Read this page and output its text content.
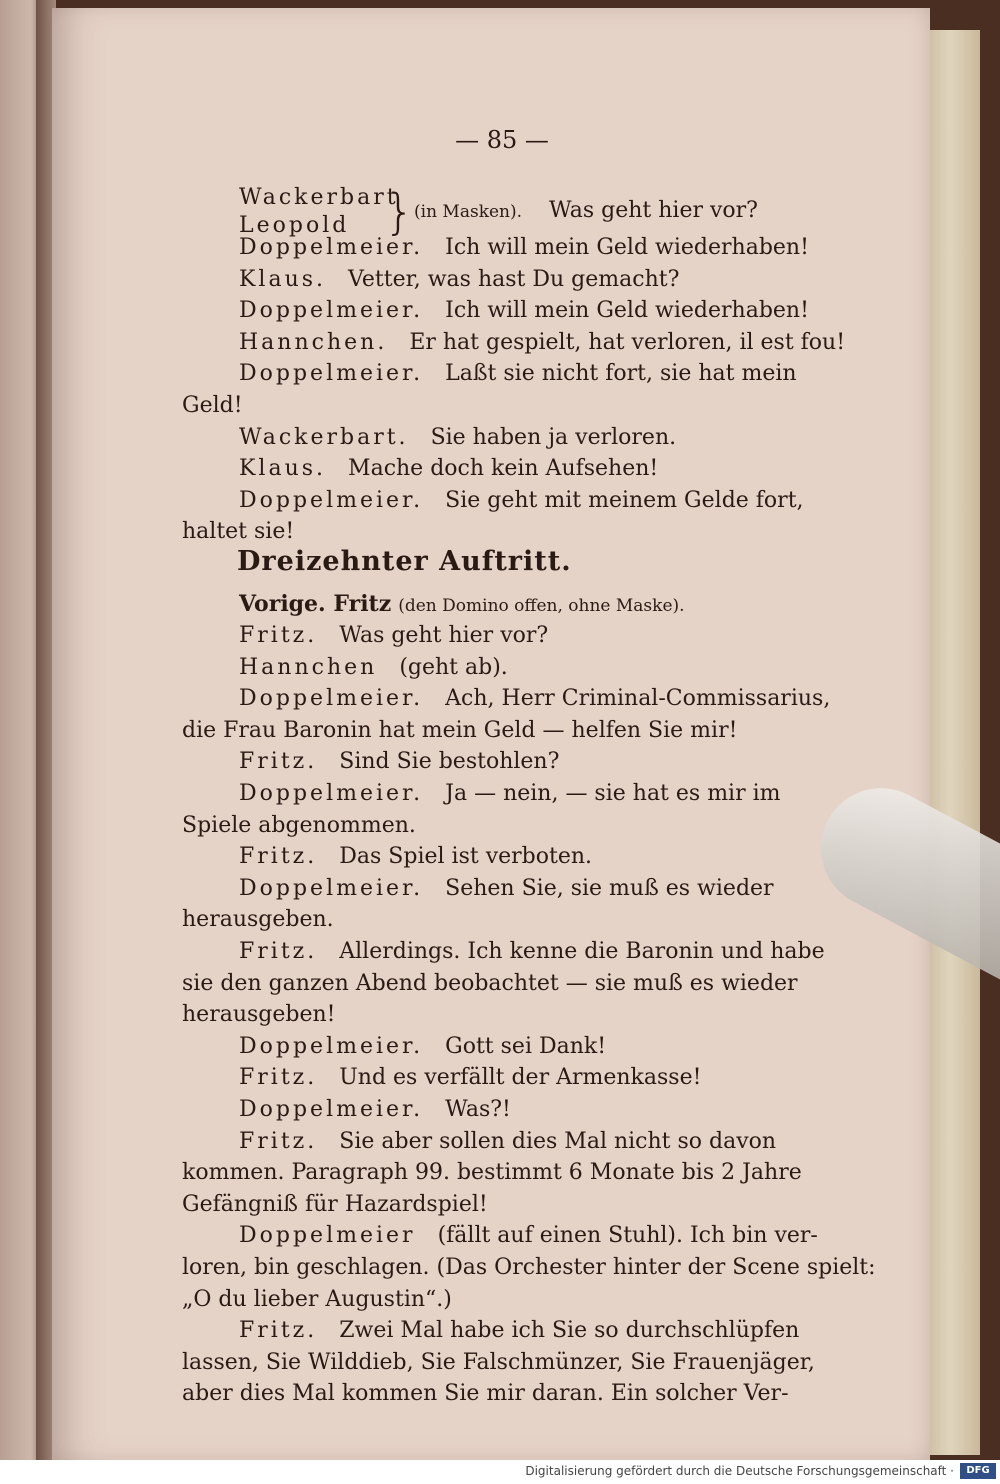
— 85 —
Wackerbart
Leopold } (in Masken). Was geht hier vor?
Doppelmeier. Ich will mein Geld wiederhaben!
Klaus. Vetter, was hast Du gemacht?
Doppelmeier. Ich will mein Geld wiederhaben!
Hannchen. Er hat gespielt, hat verloren, il est fou!
Doppelmeier. Laßt sie nicht fort, sie hat mein
Geld!
Wackerbart. Sie haben ja verloren.
Klaus. Mache doch kein Aufsehen!
Doppelmeier. Sie geht mit meinem Gelde fort,
haltet sie!
Dreizehnter Auftritt.
Vorige. Fritz (den Domino offen, ohne Maske).
Fritz. Was geht hier vor?
Hannchen (geht ab).
Doppelmeier. Ach, Herr Criminal-Commissarius,
die Frau Baronin hat mein Geld — helfen Sie mir!
Fritz. Sind Sie bestohlen?
Doppelmeier. Ja — nein, — sie hat es mir im
Spiele abgenommen.
Fritz. Das Spiel ist verboten.
Doppelmeier. Sehen Sie, sie muß es wieder
herausgeben.
Fritz. Allerdings. Ich kenne die Baronin und habe
sie den ganzen Abend beobachtet — sie muß es wieder
herausgeben!
Doppelmeier. Gott sei Dank!
Fritz. Und es verfällt der Armenkasse!
Doppelmeier. Was?!
Fritz. Sie aber sollen dies Mal nicht so davon
kommen. Paragraph 99. bestimmt 6 Monate bis 2 Jahre
Gefängniß für Hazardspiel!
Doppelmeier (fällt auf einen Stuhl). Ich bin ver-
loren, bin geschlagen. (Das Orchester hinter der Scene spielt:
„O du lieber Augustin“.)
Fritz. Zwei Mal habe ich Sie so durchschlüpfen
lassen, Sie Wilddieb, Sie Falschmünzer, Sie Frauenjäger,
aber dies Mal kommen Sie mir daran. Ein solcher Ver-
Digitalisierung gefördert durch die Deutsche Forschungsgemeinschaft ·	DFG
